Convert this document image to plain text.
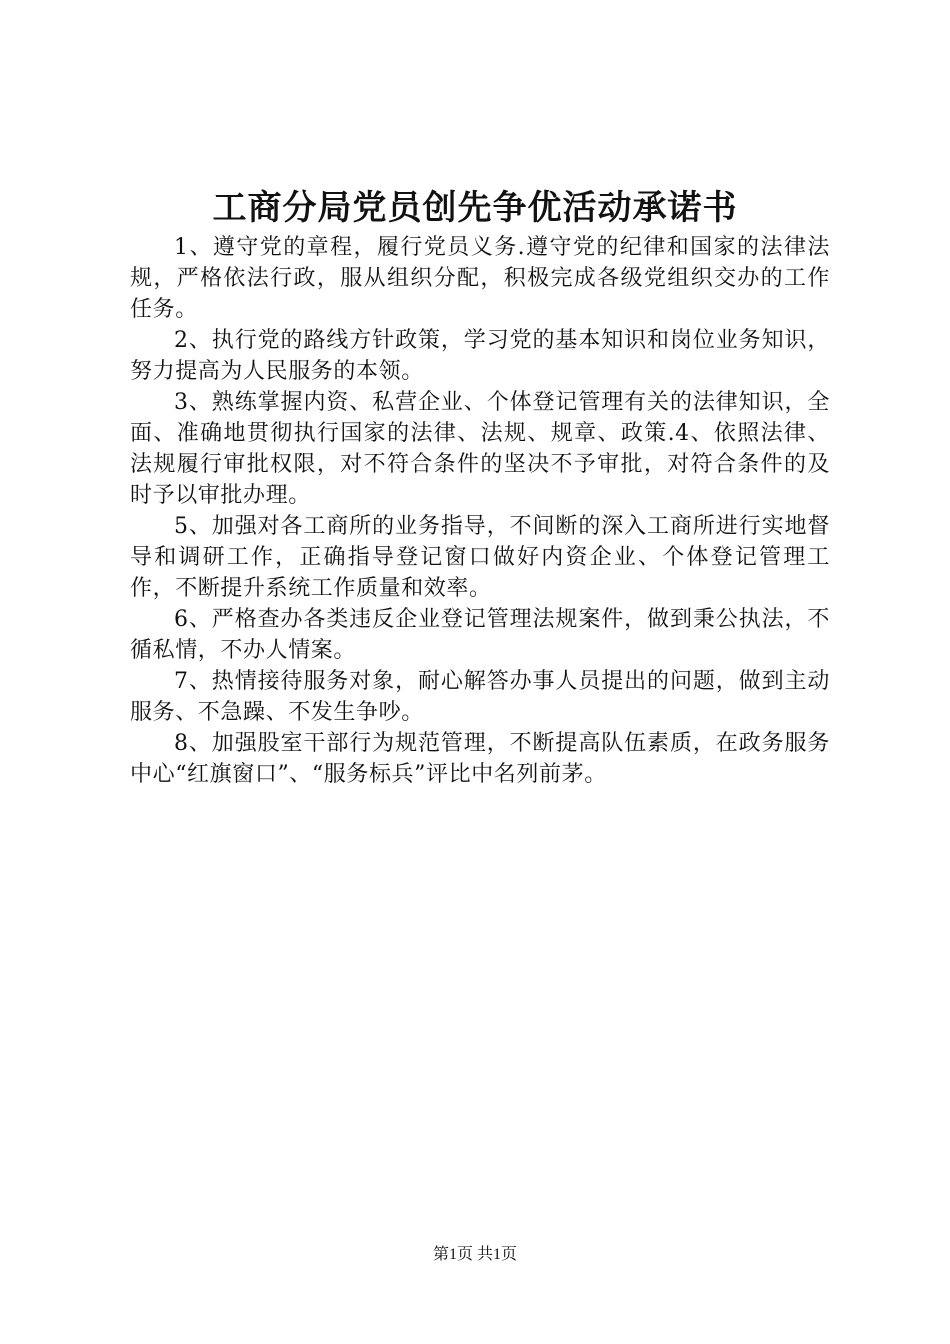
工商分局党员创先争优活动承诺书

1、遵守党的章程，履行党员义务.遵守党的纪律和国家的法律法规，严格依法行政，服从组织分配，积极完成各级党组织交办的工作任务。

2、执行党的路线方针政策，学习党的基本知识和岗位业务知识，努力提高为人民服务的本领。

3、熟练掌握内资、私营企业、个体登记管理有关的法律知识，全面、准确地贯彻执行国家的法律、法规、规章、政策.4、依照法律、法规履行审批权限，对不符合条件的坚决不予审批，对符合条件的及时予以审批办理。

5、加强对各工商所的业务指导，不间断的深入工商所进行实地督导和调研工作，正确指导登记窗口做好内资企业、个体登记管理工作，不断提升系统工作质量和效率。

6、严格查办各类违反企业登记管理法规案件，做到秉公执法，不循私情，不办人情案。

7、热情接待服务对象，耐心解答办事人员提出的问题，做到主动服务、不急躁、不发生争吵。

8、加强股室干部行为规范管理，不断提高队伍素质，在政务服务中心“红旗窗口”、“服务标兵”评比中名列前茅。

第1页 共1页
